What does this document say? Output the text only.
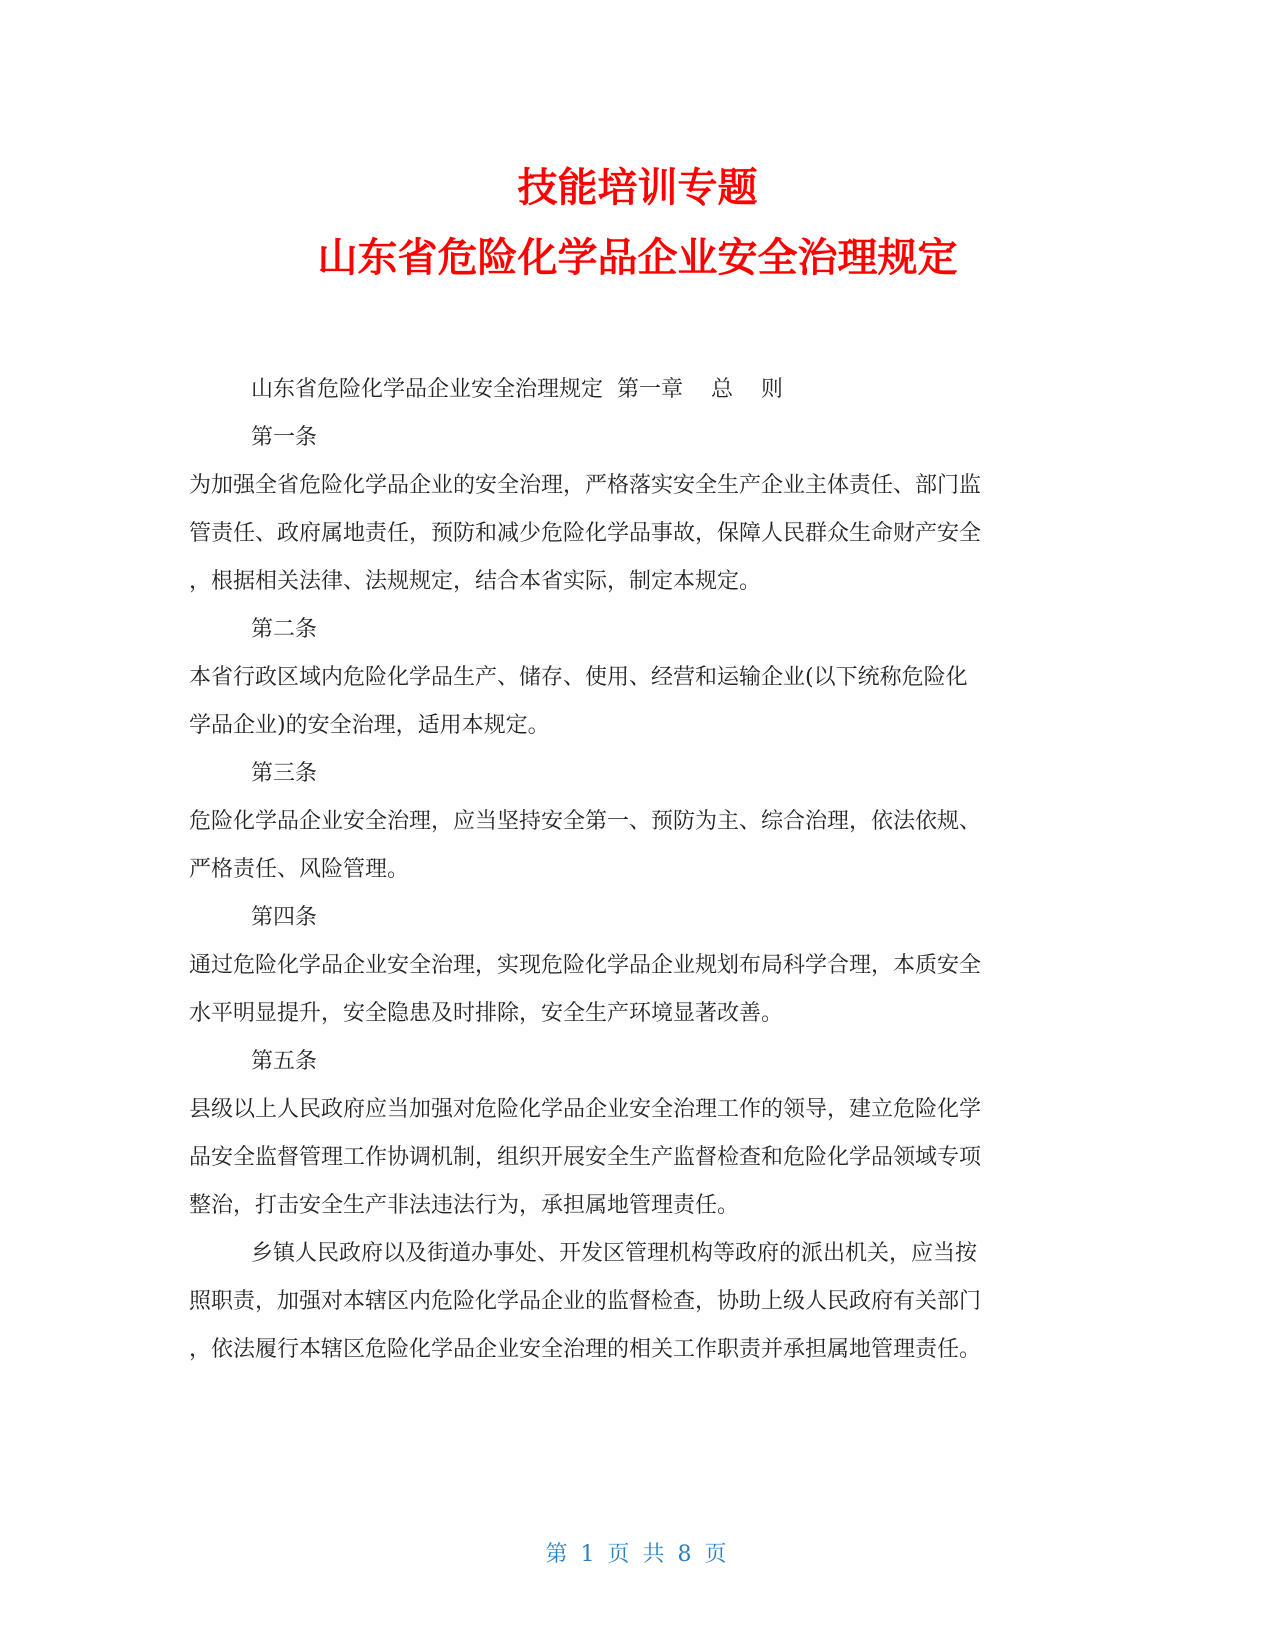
技能培训专题
山东省危险化学品企业安全治理规定

山东省危险化学品企业安全治理规定  第一章    总    则

第一条

为加强全省危险化学品企业的安全治理，严格落实安全生产企业主体责任、部门监

管责任、政府属地责任，预防和减少危险化学品事故，保障人民群众生命财产安全

，根据相关法律、法规规定，结合本省实际，制定本规定。

第二条

本省行政区域内危险化学品生产、储存、使用、经营和运输企业(以下统称危险化

学品企业)的安全治理，适用本规定。

第三条

危险化学品企业安全治理，应当坚持安全第一、预防为主、综合治理，依法依规、

严格责任、风险管理。

第四条

通过危险化学品企业安全治理，实现危险化学品企业规划布局科学合理，本质安全

水平明显提升，安全隐患及时排除，安全生产环境显著改善。

第五条

县级以上人民政府应当加强对危险化学品企业安全治理工作的领导，建立危险化学

品安全监督管理工作协调机制，组织开展安全生产监督检查和危险化学品领域专项

整治，打击安全生产非法违法行为，承担属地管理责任。

乡镇人民政府以及街道办事处、开发区管理机构等政府的派出机关，应当按

照职责，加强对本辖区内危险化学品企业的监督检查，协助上级人民政府有关部门

，依法履行本辖区危险化学品企业安全治理的相关工作职责并承担属地管理责任。

第 1 页 共 8 页
